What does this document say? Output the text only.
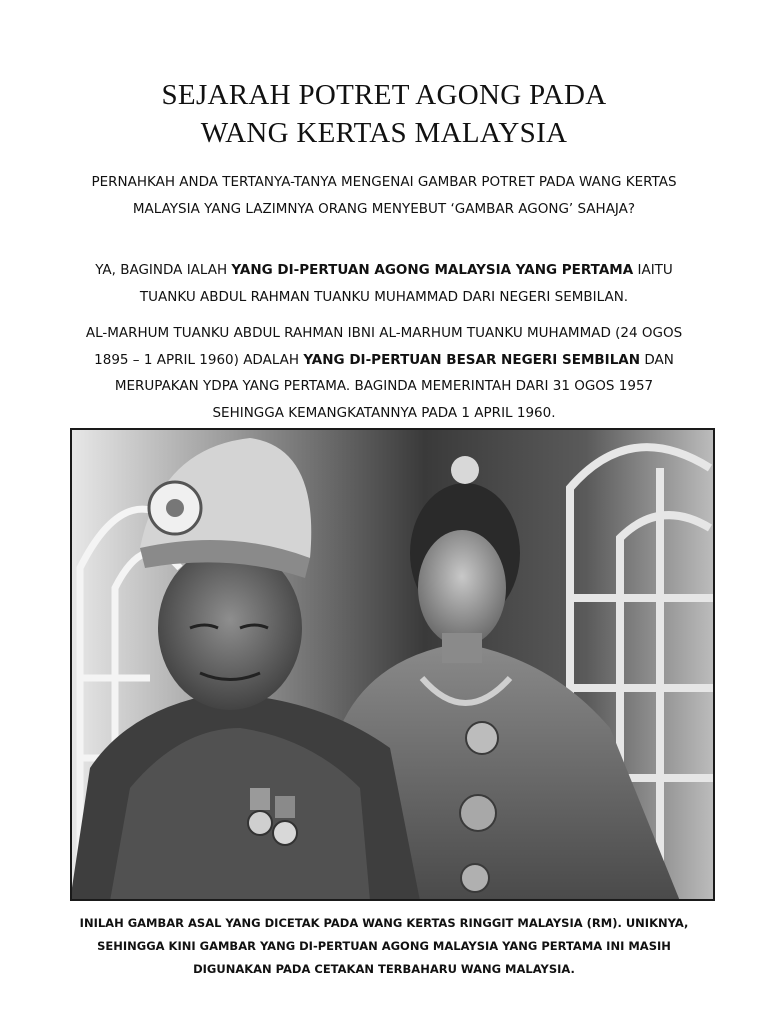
SEJARAH POTRET AGONG PADA
WANG KERTAS MALAYSIA

PERNAHKAH ANDA TERTANYA-TANYA MENGENAI GAMBAR POTRET PADA WANG KERTAS MALAYSIA YANG LAZIMNYA ORANG MENYEBUT ‘GAMBAR AGONG’ SAHAJA?

YA, BAGINDA IALAH YANG DI-PERTUAN AGONG MALAYSIA YANG PERTAMA IAITU TUANKU ABDUL RAHMAN TUANKU MUHAMMAD DARI NEGERI SEMBILAN.

AL-MARHUM TUANKU ABDUL RAHMAN IBNI AL-MARHUM TUANKU MUHAMMAD (24 OGOS 1895 – 1 APRIL 1960) ADALAH YANG DI-PERTUAN BESAR NEGERI SEMBILAN DAN MERUPAKAN YDPA YANG PERTAMA. BAGINDA MEMERINTAH DARI 31 OGOS 1957 SEHINGGA KEMANGKATANNYA PADA 1 APRIL 1960.

INILAH GAMBAR ASAL YANG DICETAK PADA WANG KERTAS RINGGIT MALAYSIA (RM). UNIKNYA, SEHINGGA KINI GAMBAR YANG DI-PERTUAN AGONG MALAYSIA YANG PERTAMA INI MASIH DIGUNAKAN PADA CETAKAN TERBAHARU WANG MALAYSIA.
